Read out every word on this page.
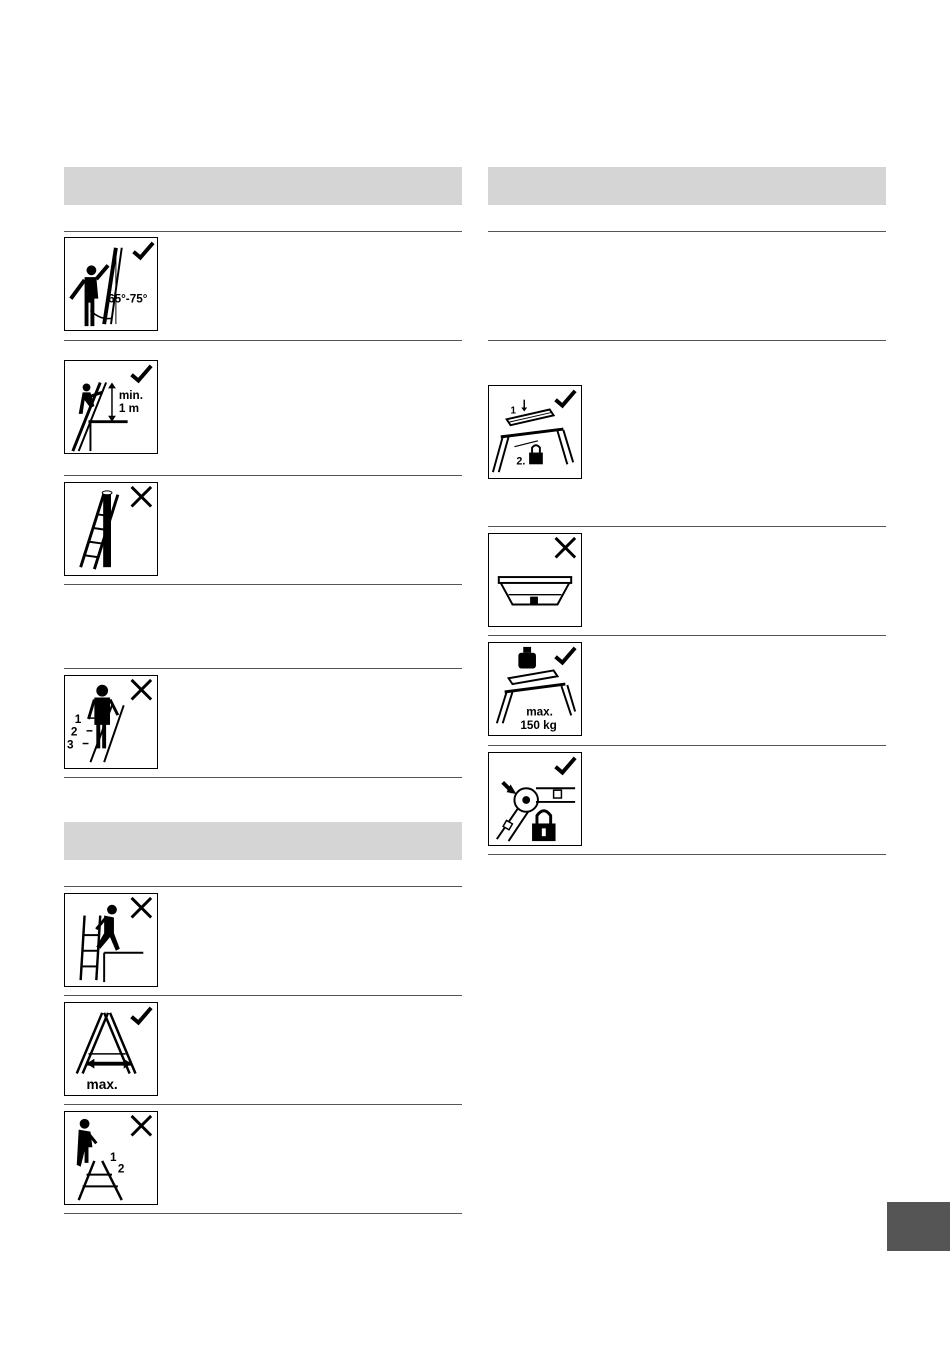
65°-75°
min.
1 m
1
2
3
max.
1
2
1
2.
max.
150 kg
